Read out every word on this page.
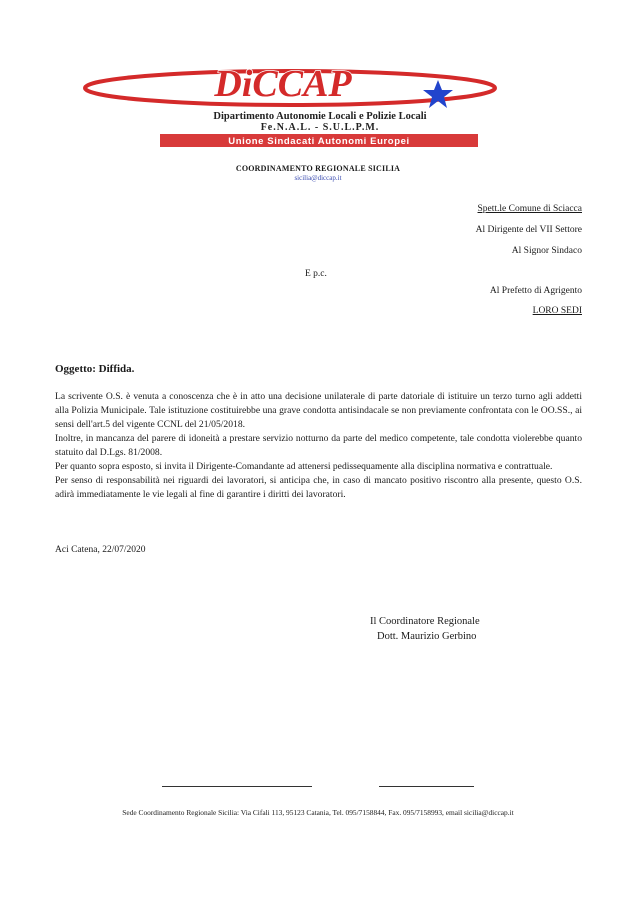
DiCCAP
Dipartimento Autonomie Locali e Polizie Locali
Fe.N.A.L. - S.U.L.P.M.
Unione Sindacati Autonomi Europei
COORDINAMENTO REGIONALE SICILIA
sicilia@diccap.it
Spett.le Comune di Sciacca
Al Dirigente del VII Settore
Al Signor Sindaco
E p.c.
Al Prefetto di Agrigento
LORO SEDI
Oggetto: Diffida.

La scrivente O.S. è venuta a conoscenza che è in atto una decisione unilaterale di parte datoriale di istituire un terzo turno agli addetti alla Polizia Municipale. Tale istituzione costituirebbe una grave condotta antisindacale se non previamente confrontata con le OO.SS., ai sensi dell'art.5 del vigente CCNL del 21/05/2018.

Inoltre, in mancanza del parere di idoneità a prestare servizio notturno da parte del medico competente, tale condotta violerebbe quanto statuito dal D.Lgs. 81/2008.

Per quanto sopra esposto, si invita il Dirigente-Comandante ad attenersi pedissequamente alla disciplina normativa e contrattuale.

Per senso di responsabilità nei riguardi dei lavoratori, si anticipa che, in caso di mancato positivo riscontro alla presente, questo O.S. adirà immediatamente le vie legali al fine di garantire i diritti dei lavoratori.

Aci Catena, 22/07/2020
Il Coordinatore Regionale
Dott. Maurizio Gerbino
Sede Coordinamento Regionale Sicilia: Via Cifali 113, 95123 Catania, Tel. 095/7158844, Fax. 095/7158993, email sicilia@diccap.it
